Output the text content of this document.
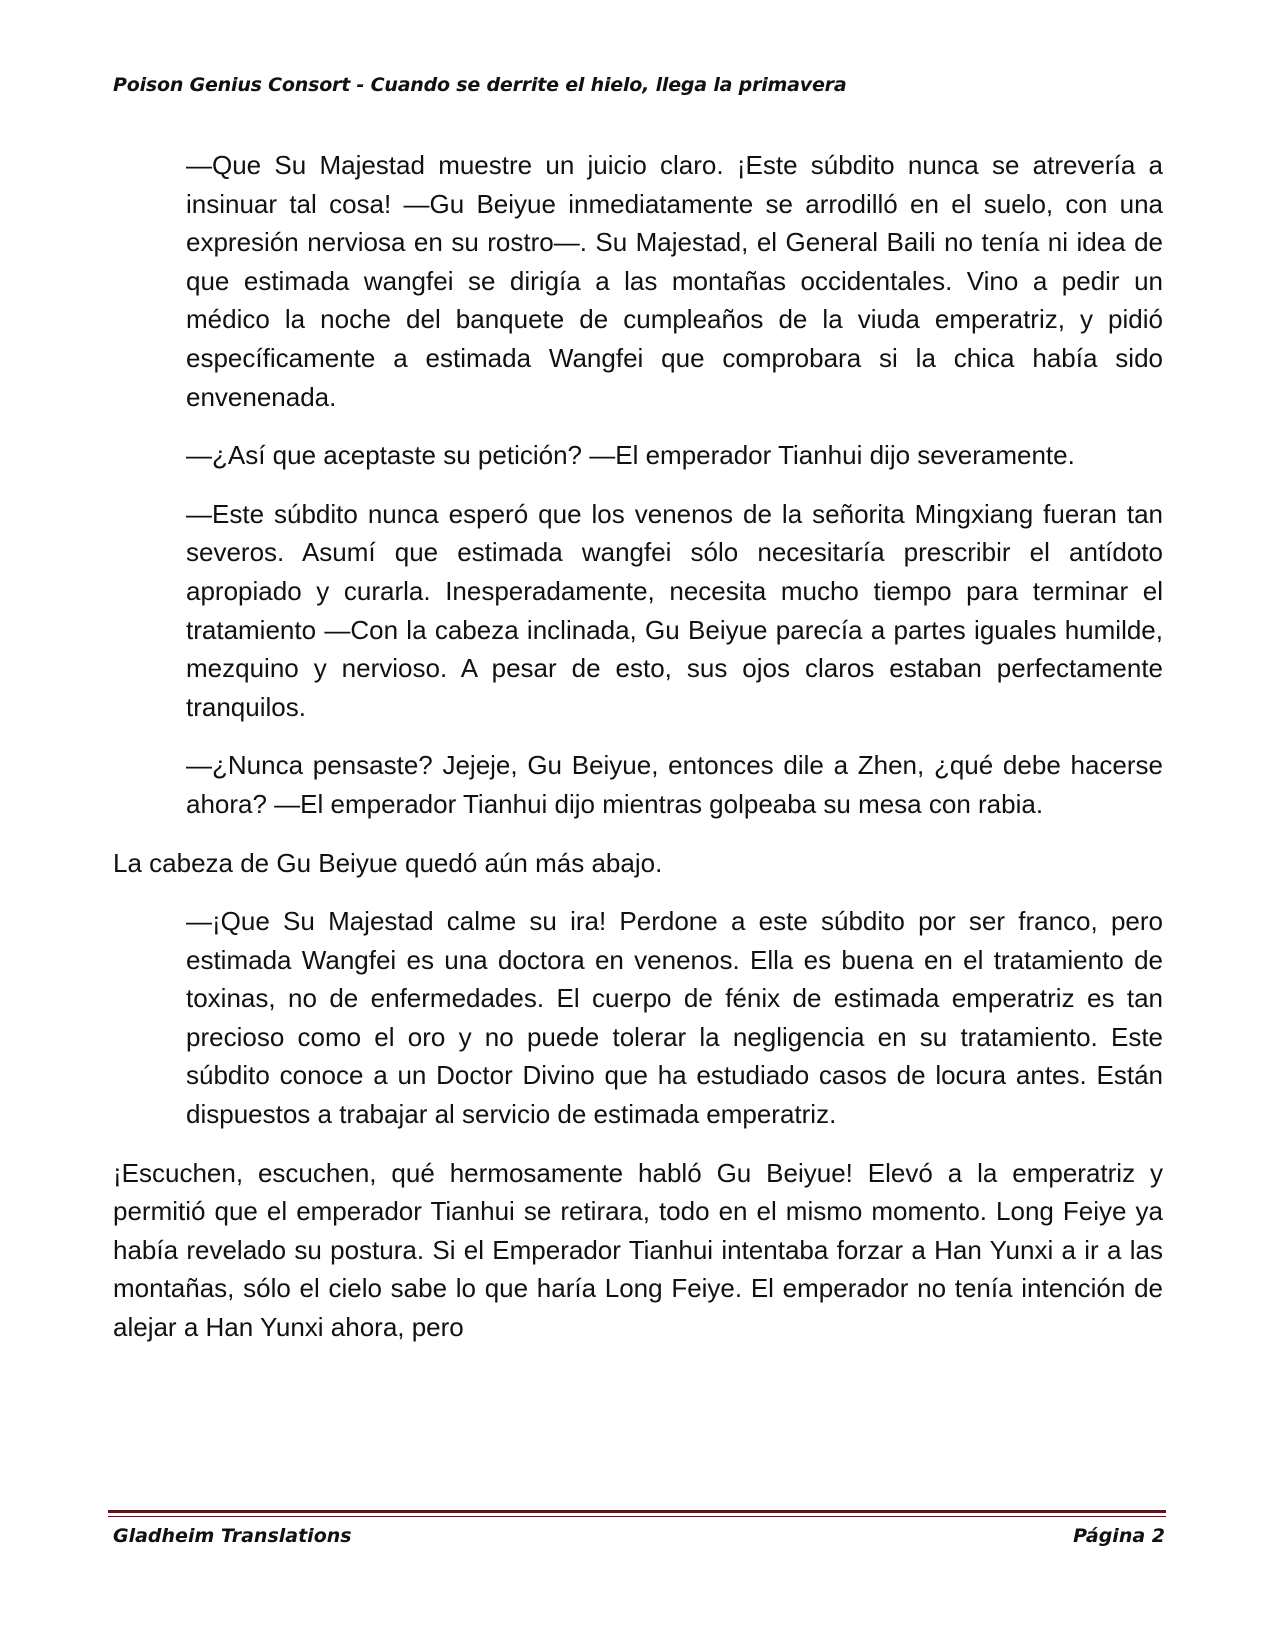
Poison Genius Consort - Cuando se derrite el hielo, llega la primavera

—Que Su Majestad muestre un juicio claro. ¡Este súbdito nunca se atrevería a insinuar tal cosa! —Gu Beiyue inmediatamente se arrodilló en el suelo, con una expresión nerviosa en su rostro—. Su Majestad, el General Baili no tenía ni idea de que estimada wangfei se dirigía a las montañas occidentales. Vino a pedir un médico la noche del banquete de cumpleaños de la viuda emperatriz, y pidió específicamente a estimada Wangfei que comprobara si la chica había sido envenenada.

—¿Así que aceptaste su petición? —El emperador Tianhui dijo severamente.

—Este súbdito nunca esperó que los venenos de la señorita Mingxiang fueran tan severos. Asumí que estimada wangfei sólo necesitaría prescribir el antídoto apropiado y curarla. Inesperadamente, necesita mucho tiempo para terminar el tratamiento —Con la cabeza inclinada, Gu Beiyue parecía a partes iguales humilde, mezquino y nervioso. A pesar de esto, sus ojos claros estaban perfectamente tranquilos.

—¿Nunca pensaste? Jejeje, Gu Beiyue, entonces dile a Zhen, ¿qué debe hacerse ahora? —El emperador Tianhui dijo mientras golpeaba su mesa con rabia.

La cabeza de Gu Beiyue quedó aún más abajo.

—¡Que Su Majestad calme su ira! Perdone a este súbdito por ser franco, pero estimada Wangfei es una doctora en venenos. Ella es buena en el tratamiento de toxinas, no de enfermedades. El cuerpo de fénix de estimada emperatriz es tan precioso como el oro y no puede tolerar la negligencia en su tratamiento. Este súbdito conoce a un Doctor Divino que ha estudiado casos de locura antes. Están dispuestos a trabajar al servicio de estimada emperatriz.

¡Escuchen, escuchen, qué hermosamente habló Gu Beiyue! Elevó a la emperatriz y permitió que el emperador Tianhui se retirara, todo en el mismo momento. Long Feiye ya había revelado su postura. Si el Emperador Tianhui intentaba forzar a Han Yunxi a ir a las montañas, sólo el cielo sabe lo que haría Long Feiye. El emperador no tenía intención de alejar a Han Yunxi ahora, pero

Gladheim Translations	Página 2
